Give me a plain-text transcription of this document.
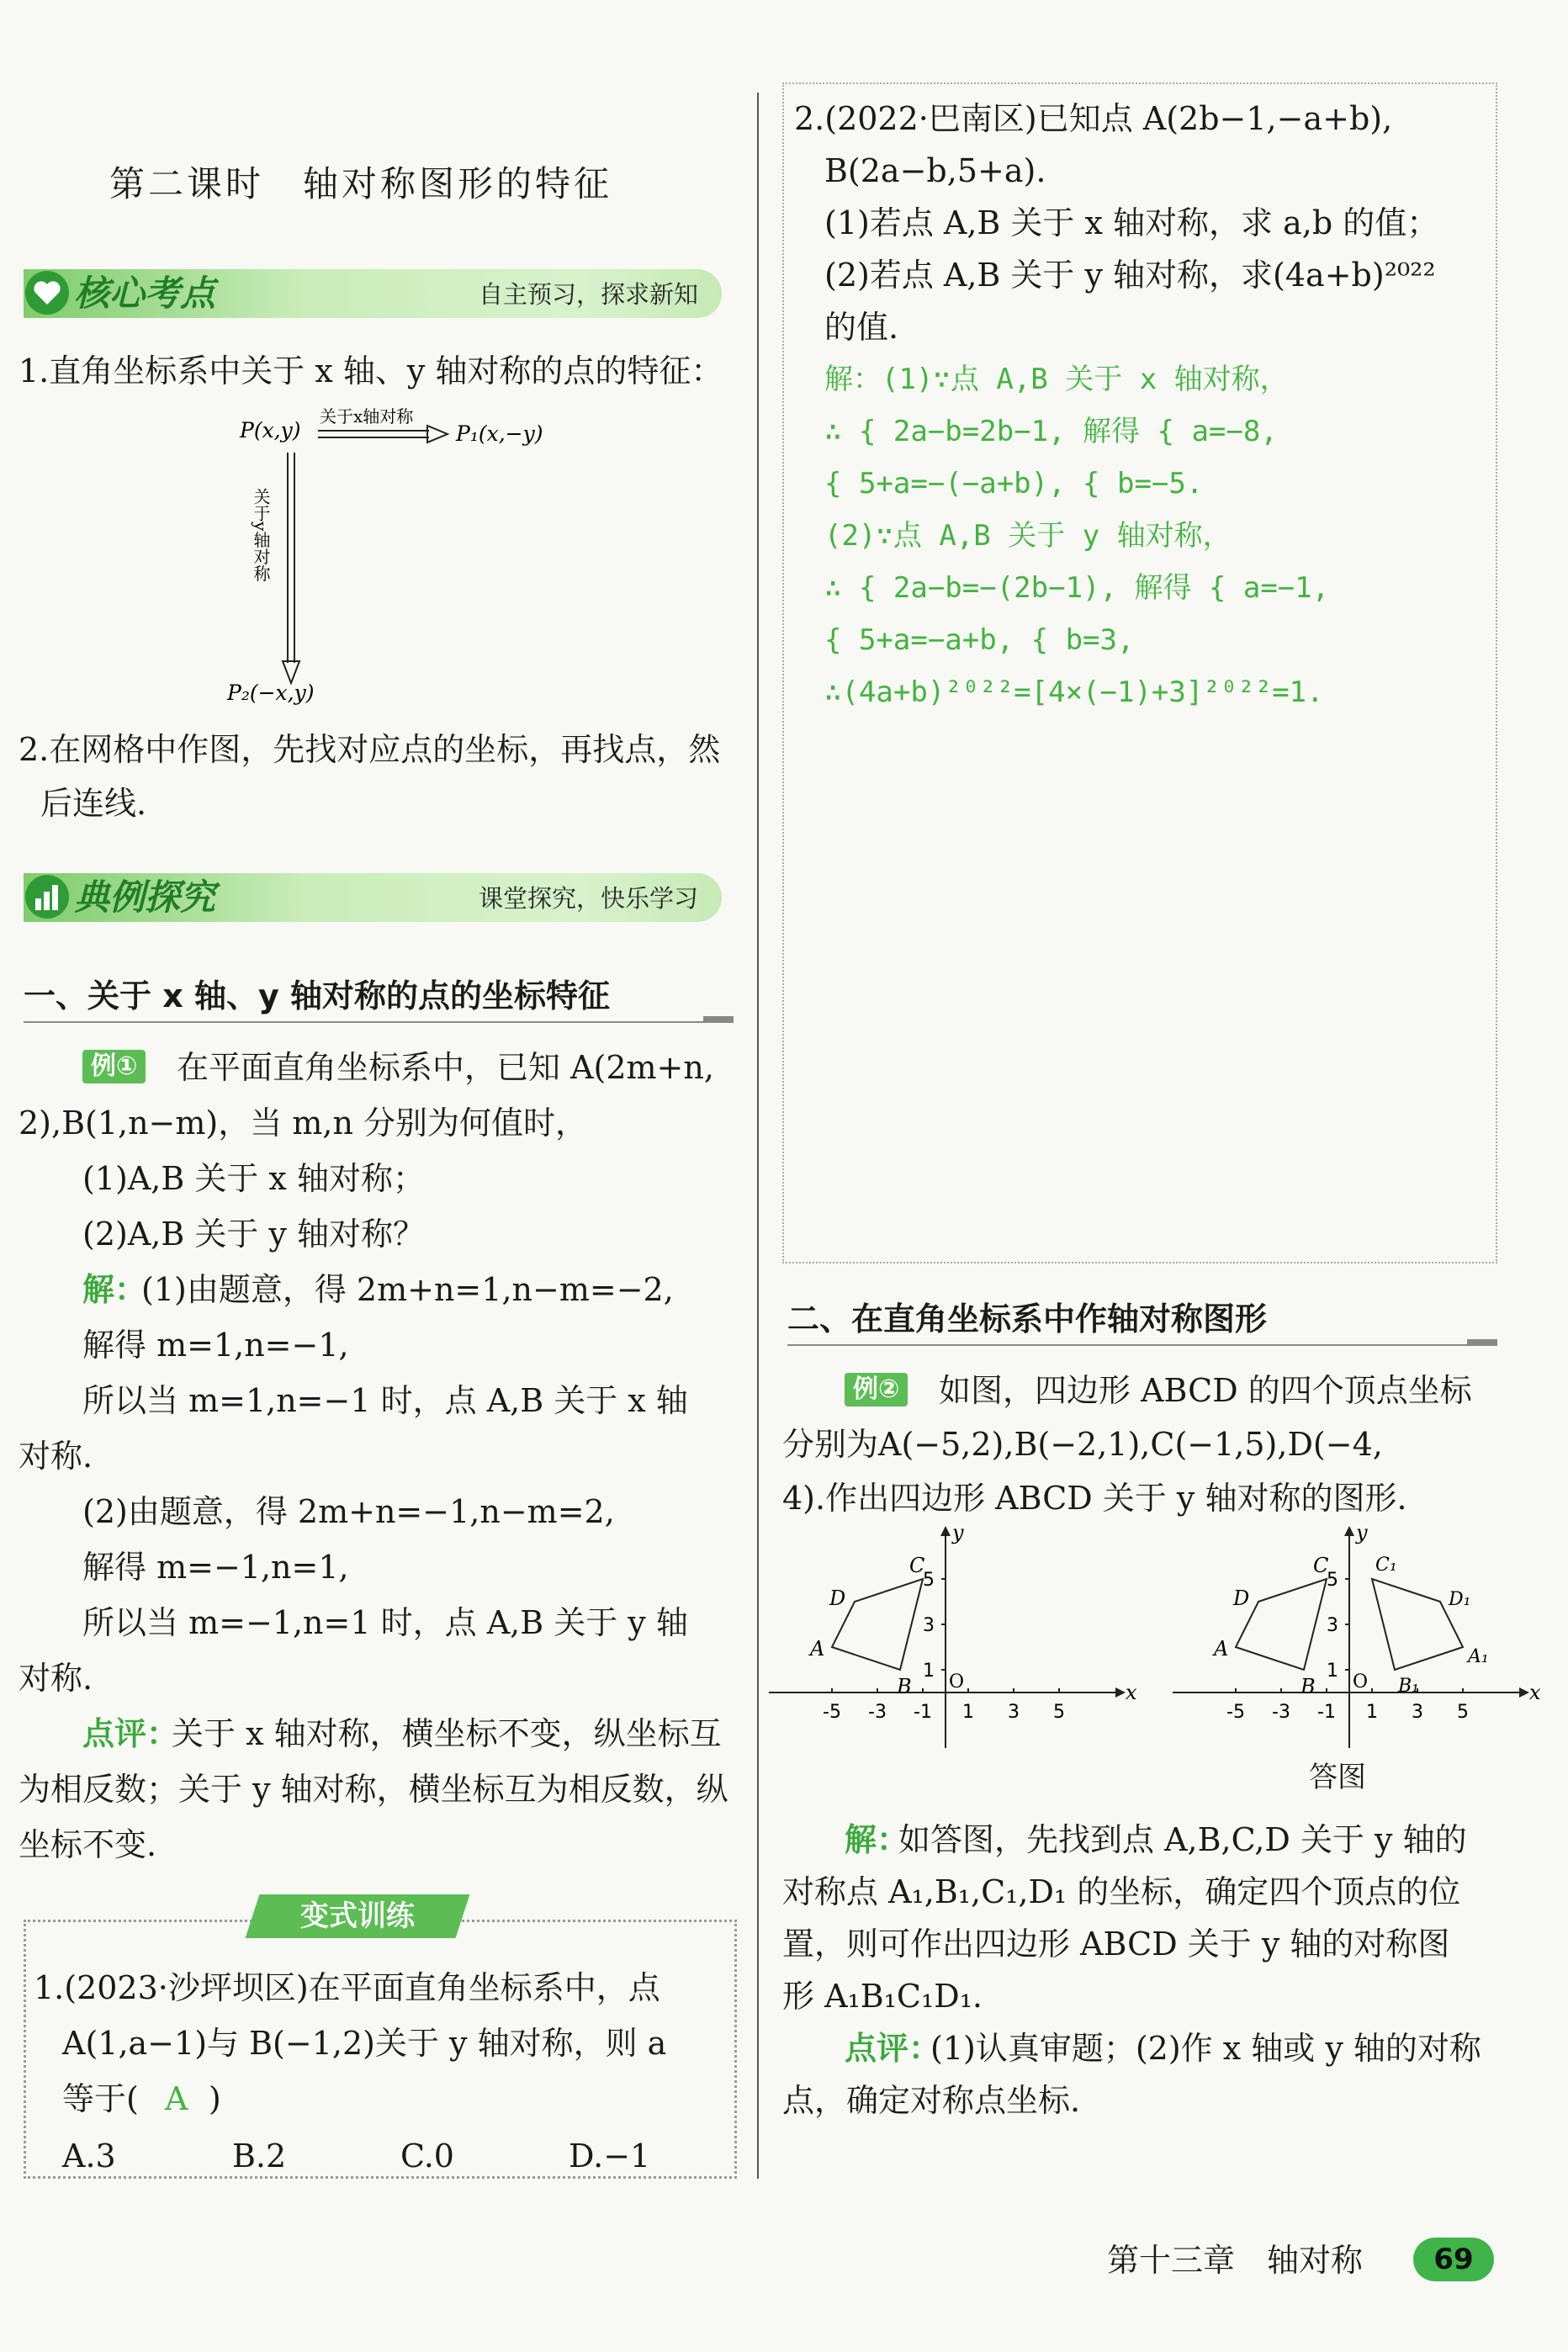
第二课时　轴对称图形的特征
核心考点	自主预习，探求新知
1.直角坐标系中关于 x 轴、y 轴对称的点的特征：
P(x,y)
关于x轴对称
P₁(x,−y)
关于y轴对称
P₂(−x,y)
2.在网格中作图，先找对应点的坐标，再找点，然
后连线.
典例探究	课堂探究，快乐学习
一、关于 x 轴、y 轴对称的点的坐标特征
例① 在平面直角坐标系中，已知 A(2m+n,
2),B(1,n−m)，当 m,n 分别为何值时，
(1)A,B 关于 x 轴对称；
(2)A,B 关于 y 轴对称？
解：
(1)由题意，得 2m+n=1,n−m=−2,
解得 m=1,n=−1,
所以当 m=1,n=−1 时，点 A,B 关于 x 轴
对称.
(2)由题意，得 2m+n=−1,n−m=2,
解得 m=−1,n=1,
所以当 m=−1,n=1 时，点 A,B 关于 y 轴
对称.
点评：
关于 x 轴对称，横坐标不变，纵坐标互
为相反数；关于 y 轴对称，横坐标互为相反数，纵
坐标不变.
变式训练
1.(2023·沙坪坝区)在平面直角坐标系中，点
A(1,a−1)与 B(−1,2)关于 y 轴对称，则 a
等于( A )
A.3	B.2	C.0	D.−1
2.(2022·巴南区)已知点 A(2b−1,−a+b),
B(2a−b,5+a).
(1)若点 A,B 关于 x 轴对称，求 a,b 的值；
(2)若点 A,B 关于 y 轴对称，求(4a+b)²⁰²²
的值.
解：(1)∵点 A,B 关于 x 轴对称，
∴ { 2a−b=2b−1, 解得 { a=−8,
{ 5+a=−(−a+b), { b=−5.
(2)∵点 A,B 关于 y 轴对称，
∴ { 2a−b=−(2b−1), 解得 { a=−1,
{ 5+a=−a+b, { b=3,
∴(4a+b)²⁰²²=[4×(−1)+3]²⁰²²=1.
二、在直角坐标系中作轴对称图形
例② 如图，四边形 ABCD 的四个顶点坐标
分别为A(−5,2),B(−2,1),C(−1,5),D(−4,
4).作出四边形 ABCD 关于 y 轴对称的图形.
x
y
O
-5 -3 -1 1 3 5
1
3
5
A
B
C
D
x
y
O
-5 -3 -1 1 3 5
1
3
5
A
B
C
D
A₁
B₁
C₁
D₁
答图
解：
如答图，先找到点 A,B,C,D 关于 y 轴的
对称点 A₁,B₁,C₁,D₁ 的坐标，确定四个顶点的位
置，则可作出四边形 ABCD 关于 y 轴的对称图
形 A₁B₁C₁D₁.
点评：
(1)认真审题；(2)作 x 轴或 y 轴的对称
点，确定对称点坐标.
第十三章　轴对称	69
